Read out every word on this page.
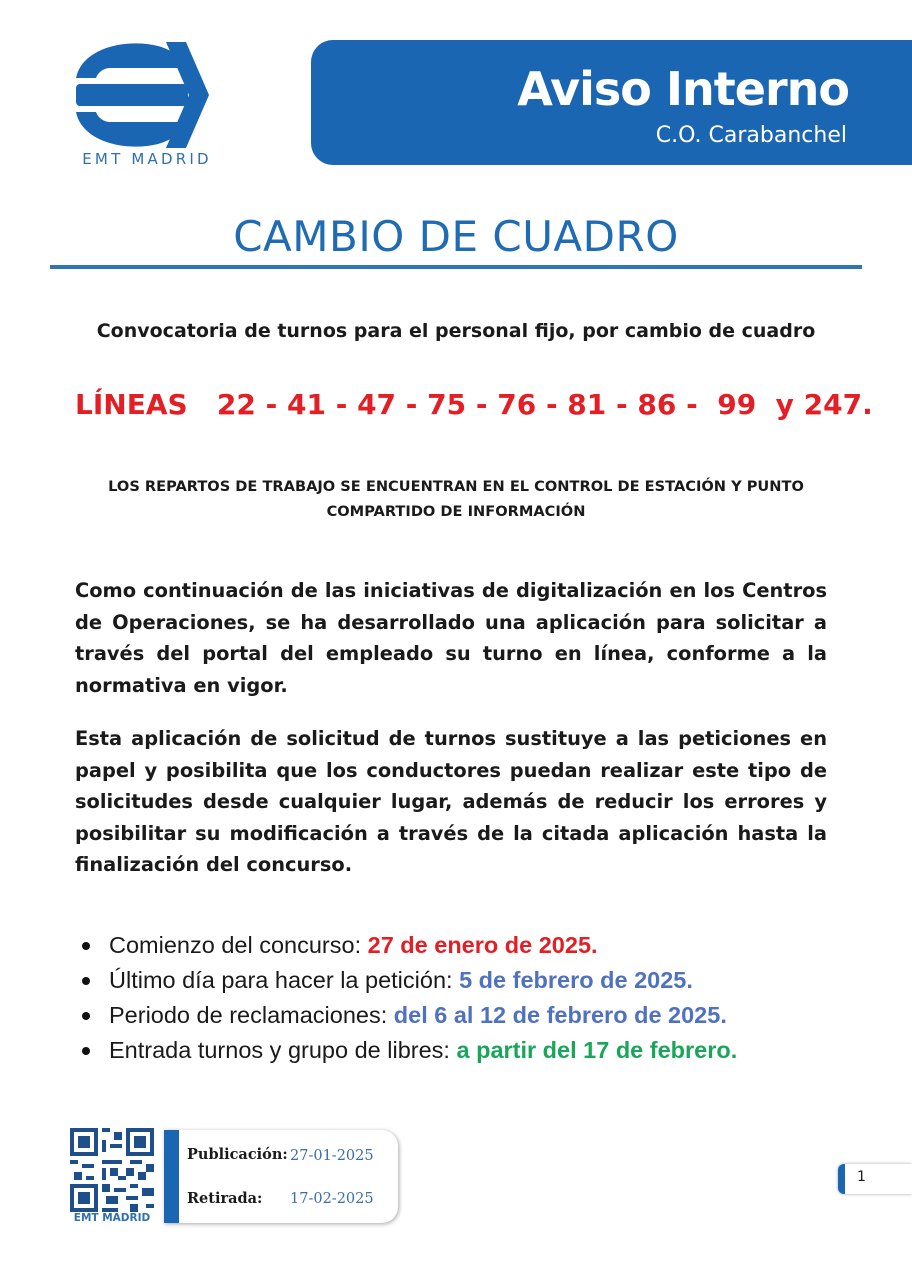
EMT MADRID
Aviso Interno
C.O. Carabanchel
CAMBIO DE CUADRO
Convocatoria de turnos para el personal fijo, por cambio de cuadro
LÍNEAS   22 - 41 - 47 - 75 - 76 - 81 - 86 -  99  y 247.
LOS REPARTOS DE TRABAJO SE ENCUENTRAN EN EL CONTROL DE ESTACIÓN Y PUNTO COMPARTIDO DE INFORMACIÓN
Como continuación de las iniciativas de digitalización en los Centros de Operaciones, se ha desarrollado una aplicación para solicitar a través del portal del empleado su turno en línea, conforme a la normativa en vigor.
Esta aplicación de solicitud de turnos sustituye a las peticiones en papel y posibilita que los conductores puedan realizar este tipo de solicitudes desde cualquier lugar, además de reducir los errores y posibilitar su modificación a través de la citada aplicación hasta la finalización del concurso.
Comienzo del concurso: 27 de enero de 2025.
Último día para hacer la petición: 5 de febrero de 2025.
Periodo de reclamaciones: del 6 al 12 de febrero de 2025.
Entrada turnos y grupo de libres: a partir del 17 de febrero.
EMT MADRID
Publicación: 27-01-2025
Retirada: 17-02-2025
1
